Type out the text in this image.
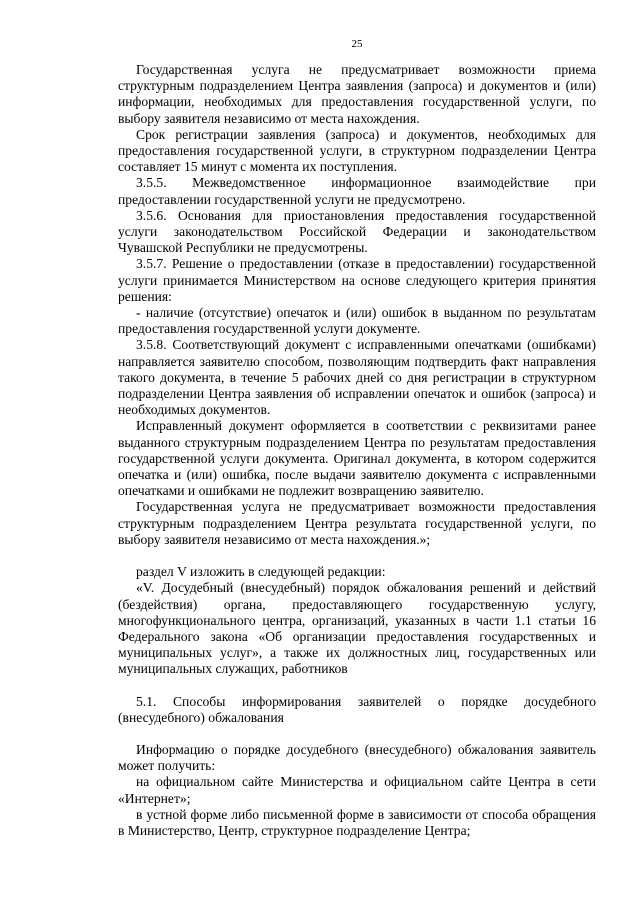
25

Государственная услуга не предусматривает возможности приема структурным подразделением Центра заявления (запроса) и документов и (или) информации, необходимых для предоставления государственной услуги, по выбору заявителя независимо от места нахождения.

Срок регистрации заявления (запроса) и документов, необходимых для предоставления государственной услуги, в структурном подразделении Центра составляет 15 минут с момента их поступления.

3.5.5. Межведомственное информационное взаимодействие при предоставлении государственной услуги не предусмотрено.

3.5.6. Основания для приостановления предоставления государственной услуги законодательством Российской Федерации и законодательством Чувашской Республики не предусмотрены.

3.5.7. Решение о предоставлении (отказе в предоставлении) государственной услуги принимается Министерством на основе следующего критерия принятия решения:

- наличие (отсутствие) опечаток и (или) ошибок в выданном по результатам предоставления государственной услуги документе.

3.5.8. Соответствующий документ с исправленными опечатками (ошибками) направляется заявителю способом, позволяющим подтвердить факт направления такого документа, в течение 5 рабочих дней со дня регистрации в структурном подразделении Центра заявления об исправлении опечаток и ошибок (запроса) и необходимых документов.

Исправленный документ оформляется в соответствии с реквизитами ранее выданного структурным подразделением Центра по результатам предоставления государственной услуги документа. Оригинал документа, в котором содержится опечатка и (или) ошибка, после выдачи заявителю документа с исправленными опечатками и ошибками не подлежит возвращению заявителю.

Государственная услуга не предусматривает возможности предоставления структурным подразделением Центра результата государственной услуги, по выбору заявителя независимо от места нахождения.»;

раздел V изложить в следующей редакции:

«V. Досудебный (внесудебный) порядок обжалования решений и действий (бездействия) органа, предоставляющего государственную услугу, многофункционального центра, организаций, указанных в части 1.1 статьи 16 Федерального закона «Об организации предоставления государственных и муниципальных услуг», а также их должностных лиц, государственных или муниципальных служащих, работников

5.1. Способы информирования заявителей о порядке досудебного (внесудебного) обжалования

Информацию о порядке досудебного (внесудебного) обжалования заявитель может получить:

на официальном сайте Министерства и официальном сайте Центра в сети «Интернет»;

в устной форме либо письменной форме в зависимости от способа обращения в Министерство, Центр, структурное подразделение Центра;
